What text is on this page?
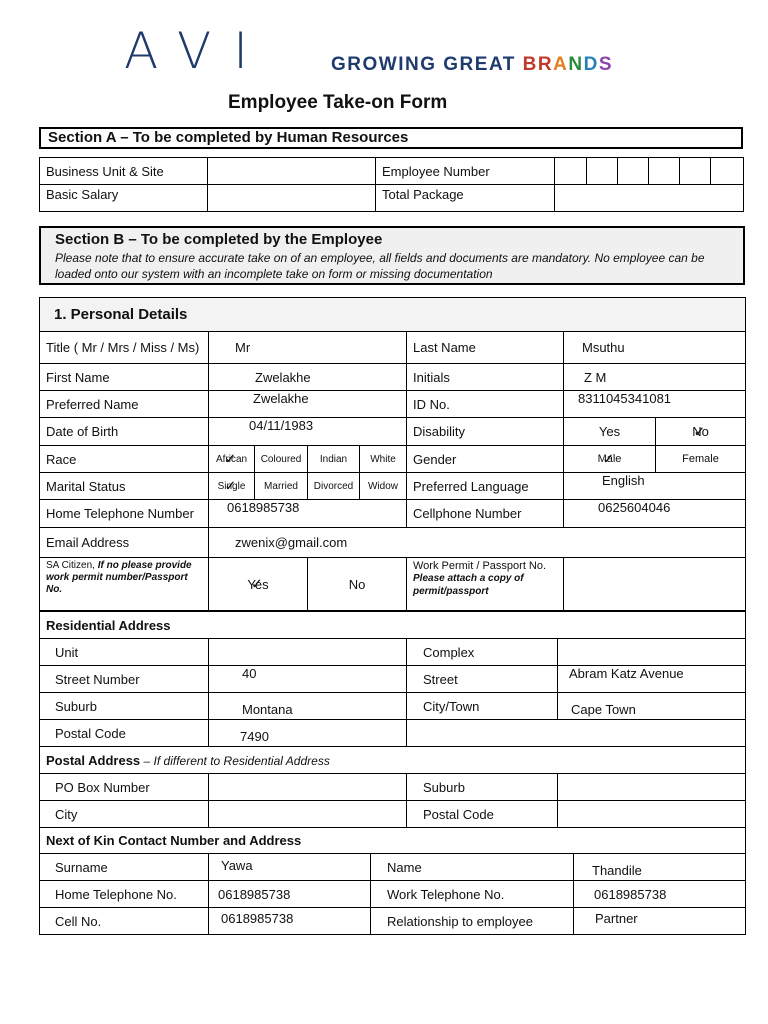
AVI	GROWING GREAT BRANDS
Employee Take-on Form
Section A – To be completed by Human Resources
Business Unit & Site		Employee Number						
Basic Salary		Total Package						
Section B – To be completed by the Employee
Please note that to ensure accurate take on of an employee, all fields and documents are mandatory. No employee can be loaded onto our system with an incomplete take on form or missing documentation
1. Personal Details							
Title ( Mr / Mrs / Miss / Ms)	Mr				Last Name	Msuthu	
First Name	Zwelakhe				Initials	Z M	
Preferred Name	Zwelakhe				ID No.	8311045341081	
Date of Birth	04/11/1983				Disability	Yes	No ✓
Race	African ✓	Coloured	Indian	White	Gender	Male ✓	Female
Marital Status	Single ✓	Married	Divorced	Widow	Preferred Language	English	
Home Telephone Number	0618985738				Cellphone Number	0625604046	
Email Address	zwenix@gmail.com						
SA Citizen, If no please provide work permit number/Passport No.	Yes ✓		No		Work Permit / Passport No.
Please attach a copy of permit/passport		
Residential Address			
Unit		Complex	
Street Number	40	Street	Abram Katz Avenue
Suburb	Montana	City/Town	Cape Town
Postal Code	7490		
Postal Address – If different to Residential Address			
PO Box Number		Suburb	
City		Postal Code	
Next of Kin Contact Number and Address			
Surname	Yawa	Name	Thandile
Home Telephone No.	0618985738	Work Telephone No.	0618985738
Cell No.	0618985738	Relationship to employee	Partner
